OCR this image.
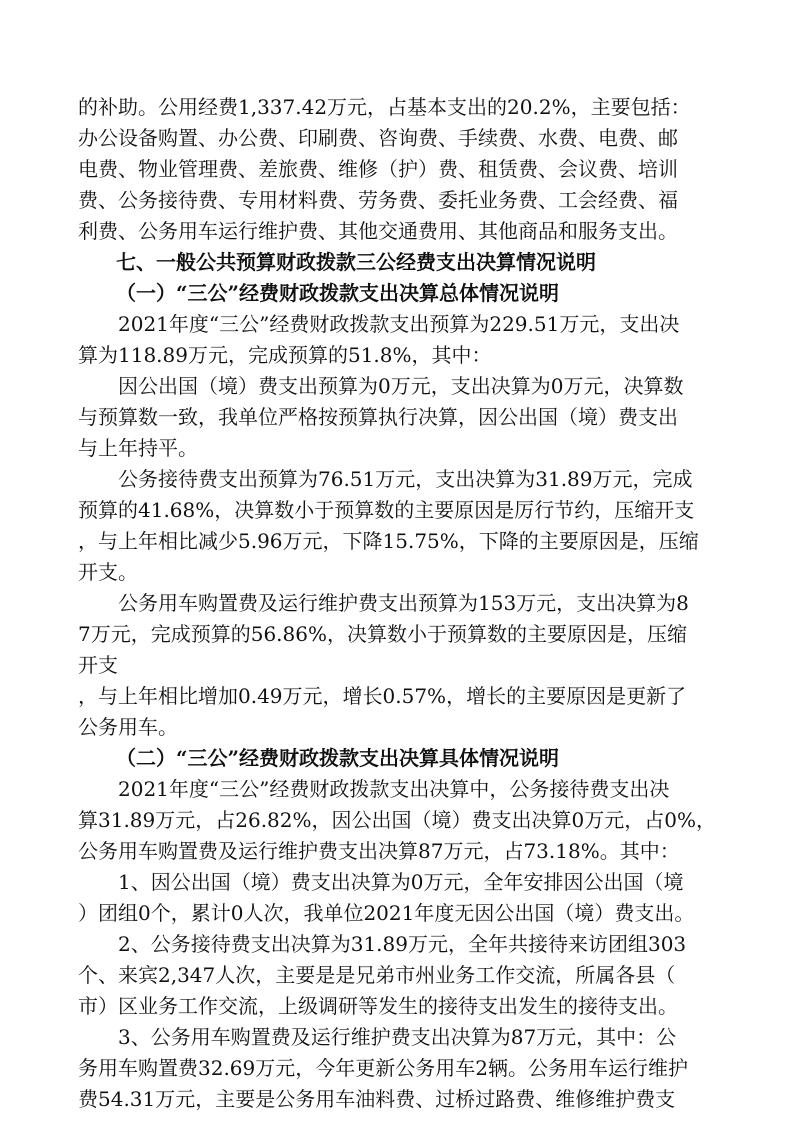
的补助。公用经费1,337.42万元，占基本支出的20.2%，主要包括：
办公设备购置、办公费、印刷费、咨询费、手续费、水费、电费、邮
电费、物业管理费、差旅费、维修（护）费、租赁费、会议费、培训
费、公务接待费、专用材料费、劳务费、委托业务费、工会经费、福
利费、公务用车运行维护费、其他交通费用、其他商品和服务支出。
七、一般公共预算财政拨款三公经费支出决算情况说明
（一）“三公”经费财政拨款支出决算总体情况说明
2021年度“三公”经费财政拨款支出预算为229.51万元，支出决
算为118.89万元，完成预算的51.8%，其中：
因公出国（境）费支出预算为0万元，支出决算为0万元，决算数
与预算数一致，我单位严格按预算执行决算，因公出国（境）费支出
与上年持平。
公务接待费支出预算为76.51万元，支出决算为31.89万元，完成
预算的41.68%，决算数小于预算数的主要原因是厉行节约，压缩开支
，与上年相比减少5.96万元，下降15.75%，下降的主要原因是，压缩
开支。
公务用车购置费及运行维护费支出预算为153万元，支出决算为8
7万元，完成预算的56.86%，决算数小于预算数的主要原因是，压缩
开支
，与上年相比增加0.49万元，增长0.57%，增长的主要原因是更新了
公务用车。
（二）“三公”经费财政拨款支出决算具体情况说明
2021年度“三公”经费财政拨款支出决算中，公务接待费支出决
算31.89万元，占26.82%，因公出国（境）费支出决算0万元，占0%，
公务用车购置费及运行维护费支出决算87万元，占73.18%。其中：
1、因公出国（境）费支出决算为0万元，全年安排因公出国（境
）团组0个，累计0人次，我单位2021年度无因公出国（境）费支出。
2、公务接待费支出决算为31.89万元，全年共接待来访团组303
个、来宾2,347人次，主要是是兄弟市州业务工作交流，所属各县（
市）区业务工作交流，上级调研等发生的接待支出发生的接待支出。
3、公务用车购置费及运行维护费支出决算为87万元，其中：公
务用车购置费32.69万元，今年更新公务用车2辆。公务用车运行维护
费54.31万元，主要是公务用车油料费、过桥过路费、维修维护费支
